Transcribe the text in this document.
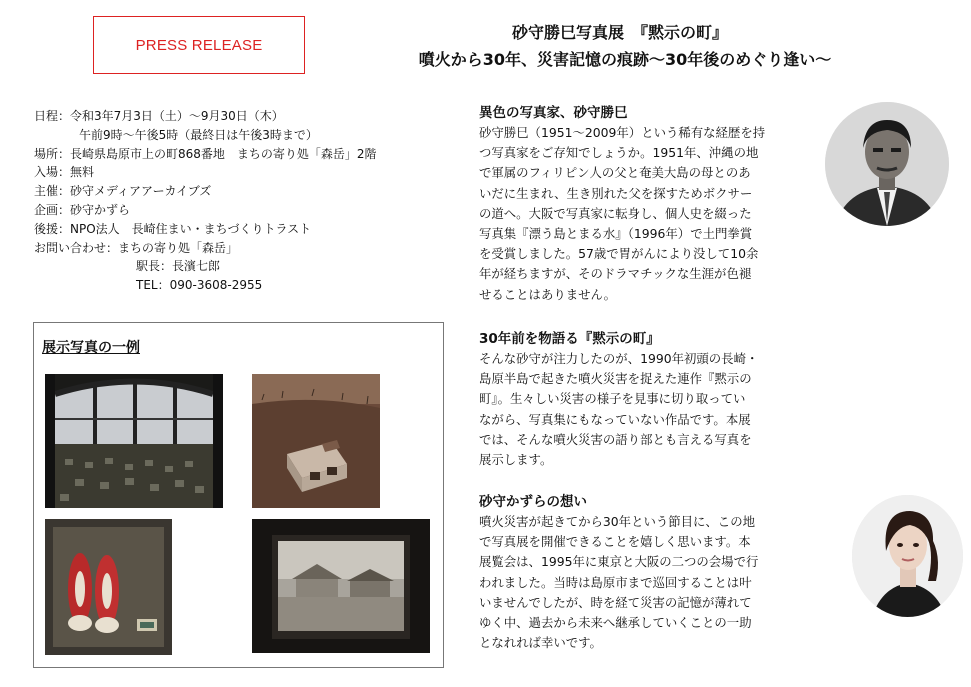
PRESS RELEASE
砂守勝巳写真展　『黙示の町』
噴火から30年、災害記憶の痕跡～30年後のめぐり逢い～
日程：令和3年7月3日（土）～9月30日（木）
午前9時～午後5時（最終日は午後3時まで）
場所：長崎県島原市上の町868番地　まちの寄り処「森岳」2階
入場：無料
主催：砂守メディアアーカイブズ
企画：砂守かずら
後援：NPO法人　長崎住まい・まちづくりトラスト
お問い合わせ：まちの寄り処「森岳」
駅長：長濱七郎
TEL：090-3608-2955
展示写真の一例
異色の写真家、砂守勝巳

砂守勝巳（1951～2009年）という稀有な経歴を持

つ写真家をご存知でしょうか。1951年、沖縄の地

で軍属のフィリピン人の父と奄美大島の母とのあ

いだに生まれ、生き別れた父を探すためボクサー

の道へ。大阪で写真家に転身し、個人史を綴った

写真集『漂う島とまる水』（1996年）で土門拳賞

を受賞しました。57歳で胃がんにより没して10余

年が経ちますが、そのドラマチックな生涯が色褪

せることはありません。

30年前を物語る『黙示の町』

そんな砂守が注力したのが、1990年初頭の長崎・

島原半島で起きた噴火災害を捉えた連作『黙示の

町』。生々しい災害の様子を見事に切り取ってい

ながら、写真集にもなっていない作品です。本展

では、そんな噴火災害の語り部とも言える写真を

展示します。

砂守かずらの想い

噴火災害が起きてから30年という節目に、この地

で写真展を開催できることを嬉しく思います。本

展覧会は、1995年に東京と大阪の二つの会場で行

われました。当時は島原市まで巡回することは叶

いませんでしたが、時を経て災害の記憶が薄れて

ゆく中、過去から未来へ継承していくことの一助

となれれば幸いです。
